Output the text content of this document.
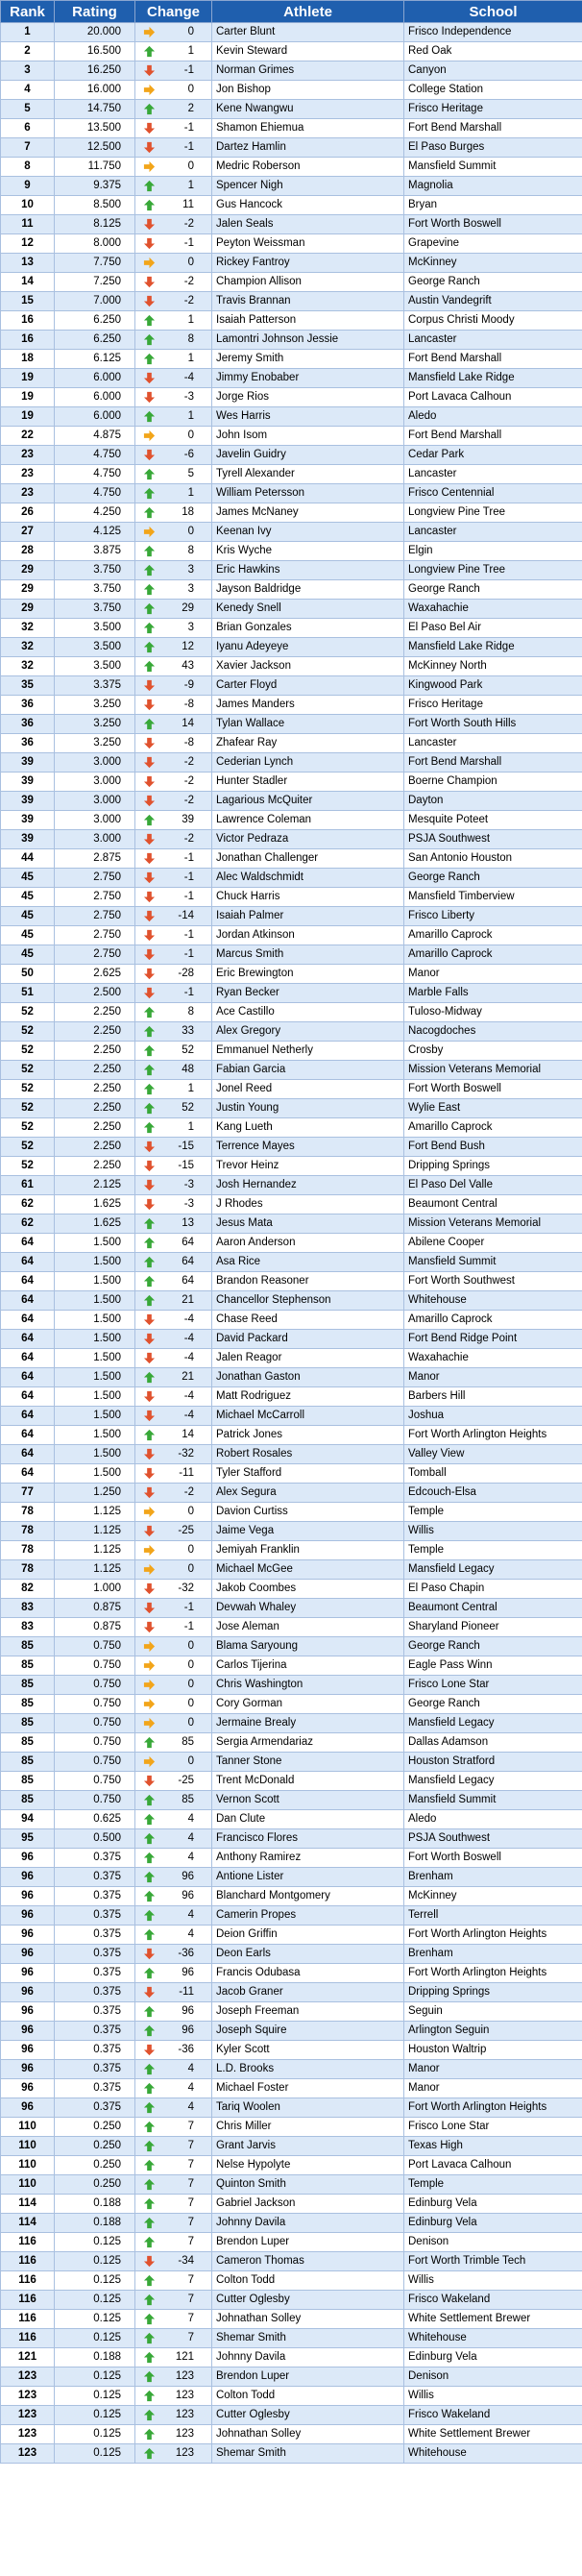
Rank	Rating	Change	Athlete	School
1	20.000	0	Carter Blunt	Frisco Independence
2	16.500	1	Kevin Steward	Red Oak
3	16.250	-1	Norman Grimes	Canyon
4	16.000	0	Jon Bishop	College Station
5	14.750	2	Kene Nwangwu	Frisco Heritage
6	13.500	-1	Shamon Ehiemua	Fort Bend Marshall
7	12.500	-1	Dartez Hamlin	El Paso Burges
8	11.750	0	Medric Roberson	Mansfield Summit
9	9.375	1	Spencer Nigh	Magnolia
10	8.500	11	Gus Hancock	Bryan
11	8.125	-2	Jalen Seals	Fort Worth Boswell
12	8.000	-1	Peyton Weissman	Grapevine
13	7.750	0	Rickey Fantroy	McKinney
14	7.250	-2	Champion Allison	George Ranch
15	7.000	-2	Travis Brannan	Austin Vandegrift
16	6.250	1	Isaiah Patterson	Corpus Christi Moody
16	6.250	8	Lamontri Johnson Jessie	Lancaster
18	6.125	1	Jeremy Smith	Fort Bend Marshall
19	6.000	-4	Jimmy Enobaber	Mansfield Lake Ridge
19	6.000	-3	Jorge Rios	Port Lavaca Calhoun
19	6.000	1	Wes Harris	Aledo
22	4.875	0	John Isom	Fort Bend Marshall
23	4.750	-6	Javelin Guidry	Cedar Park
23	4.750	5	Tyrell Alexander	Lancaster
23	4.750	1	William Petersson	Frisco Centennial
26	4.250	18	James McNaney	Longview Pine Tree
27	4.125	0	Keenan Ivy	Lancaster
28	3.875	8	Kris Wyche	Elgin
29	3.750	3	Eric Hawkins	Longview Pine Tree
29	3.750	3	Jayson Baldridge	George Ranch
29	3.750	29	Kenedy Snell	Waxahachie
32	3.500	3	Brian Gonzales	El Paso Bel Air
32	3.500	12	Iyanu Adeyeye	Mansfield Lake Ridge
32	3.500	43	Xavier Jackson	McKinney North
35	3.375	-9	Carter Floyd	Kingwood Park
36	3.250	-8	James Manders	Frisco Heritage
36	3.250	14	Tylan Wallace	Fort Worth South Hills
36	3.250	-8	Zhafear Ray	Lancaster
39	3.000	-2	Cederian Lynch	Fort Bend Marshall
39	3.000	-2	Hunter Stadler	Boerne Champion
39	3.000	-2	Lagarious McQuiter	Dayton
39	3.000	39	Lawrence Coleman	Mesquite Poteet
39	3.000	-2	Victor Pedraza	PSJA Southwest
44	2.875	-1	Jonathan Challenger	San Antonio Houston
45	2.750	-1	Alec Waldschmidt	George Ranch
45	2.750	-1	Chuck Harris	Mansfield Timberview
45	2.750	-14	Isaiah Palmer	Frisco Liberty
45	2.750	-1	Jordan Atkinson	Amarillo Caprock
45	2.750	-1	Marcus Smith	Amarillo Caprock
50	2.625	-28	Eric Brewington	Manor
51	2.500	-1	Ryan Becker	Marble Falls
52	2.250	8	Ace Castillo	Tuloso-Midway
52	2.250	33	Alex Gregory	Nacogdoches
52	2.250	52	Emmanuel Netherly	Crosby
52	2.250	48	Fabian Garcia	Mission Veterans Memorial
52	2.250	1	Jonel Reed	Fort Worth Boswell
52	2.250	52	Justin Young	Wylie East
52	2.250	1	Kang Lueth	Amarillo Caprock
52	2.250	-15	Terrence Mayes	Fort Bend Bush
52	2.250	-15	Trevor Heinz	Dripping Springs
61	2.125	-3	Josh Hernandez	El Paso Del Valle
62	1.625	-3	J Rhodes	Beaumont Central
62	1.625	13	Jesus Mata	Mission Veterans Memorial
64	1.500	64	Aaron Anderson	Abilene Cooper
64	1.500	64	Asa Rice	Mansfield Summit
64	1.500	64	Brandon Reasoner	Fort Worth Southwest
64	1.500	21	Chancellor Stephenson	Whitehouse
64	1.500	-4	Chase Reed	Amarillo Caprock
64	1.500	-4	David Packard	Fort Bend Ridge Point
64	1.500	-4	Jalen Reagor	Waxahachie
64	1.500	21	Jonathan Gaston	Manor
64	1.500	-4	Matt Rodriguez	Barbers Hill
64	1.500	-4	Michael McCarroll	Joshua
64	1.500	14	Patrick Jones	Fort Worth Arlington Heights
64	1.500	-32	Robert Rosales	Valley View
64	1.500	-11	Tyler Stafford	Tomball
77	1.250	-2	Alex Segura	Edcouch-Elsa
78	1.125	0	Davion Curtiss	Temple
78	1.125	-25	Jaime Vega	Willis
78	1.125	0	Jemiyah Franklin	Temple
78	1.125	0	Michael McGee	Mansfield Legacy
82	1.000	-32	Jakob Coombes	El Paso Chapin
83	0.875	-1	Devwah Whaley	Beaumont Central
83	0.875	-1	Jose Aleman	Sharyland Pioneer
85	0.750	0	Blama Saryoung	George Ranch
85	0.750	0	Carlos Tijerina	Eagle Pass Winn
85	0.750	0	Chris Washington	Frisco Lone Star
85	0.750	0	Cory Gorman	George Ranch
85	0.750	0	Jermaine Brealy	Mansfield Legacy
85	0.750	85	Sergia Armendariaz	Dallas Adamson
85	0.750	0	Tanner Stone	Houston Stratford
85	0.750	-25	Trent McDonald	Mansfield Legacy
85	0.750	85	Vernon Scott	Mansfield Summit
94	0.625	4	Dan Clute	Aledo
95	0.500	4	Francisco Flores	PSJA Southwest
96	0.375	4	Anthony Ramirez	Fort Worth Boswell
96	0.375	96	Antione Lister	Brenham
96	0.375	96	Blanchard Montgomery	McKinney
96	0.375	4	Camerin Propes	Terrell
96	0.375	4	Deion Griffin	Fort Worth Arlington Heights
96	0.375	-36	Deon Earls	Brenham
96	0.375	96	Francis Odubasa	Fort Worth Arlington Heights
96	0.375	-11	Jacob Graner	Dripping Springs
96	0.375	96	Joseph Freeman	Seguin
96	0.375	96	Joseph Squire	Arlington Seguin
96	0.375	-36	Kyler Scott	Houston Waltrip
96	0.375	4	L.D. Brooks	Manor
96	0.375	4	Michael Foster	Manor
96	0.375	4	Tariq Woolen	Fort Worth Arlington Heights
110	0.250	7	Chris Miller	Frisco Lone Star
110	0.250	7	Grant Jarvis	Texas High
110	0.250	7	Nelse Hypolyte	Port Lavaca Calhoun
110	0.250	7	Quinton Smith	Temple
114	0.188	7	Gabriel Jackson	Edinburg Vela
114	0.188	7	Johnny Davila	Edinburg Vela
116	0.125	7	Brendon Luper	Denison
116	0.125	-34	Cameron Thomas	Fort Worth Trimble Tech
116	0.125	7	Colton Todd	Willis
116	0.125	7	Cutter Oglesby	Frisco Wakeland
116	0.125	7	Johnathan Solley	White Settlement Brewer
116	0.125	7	Shemar Smith	Whitehouse
121	0.188	121	Johnny Davila	Edinburg Vela
123	0.125	123	Brendon Luper	Denison
123	0.125	123	Colton Todd	Willis
123	0.125	123	Cutter Oglesby	Frisco Wakeland
123	0.125	123	Johnathan Solley	White Settlement Brewer
123	0.125	123	Shemar Smith	Whitehouse
